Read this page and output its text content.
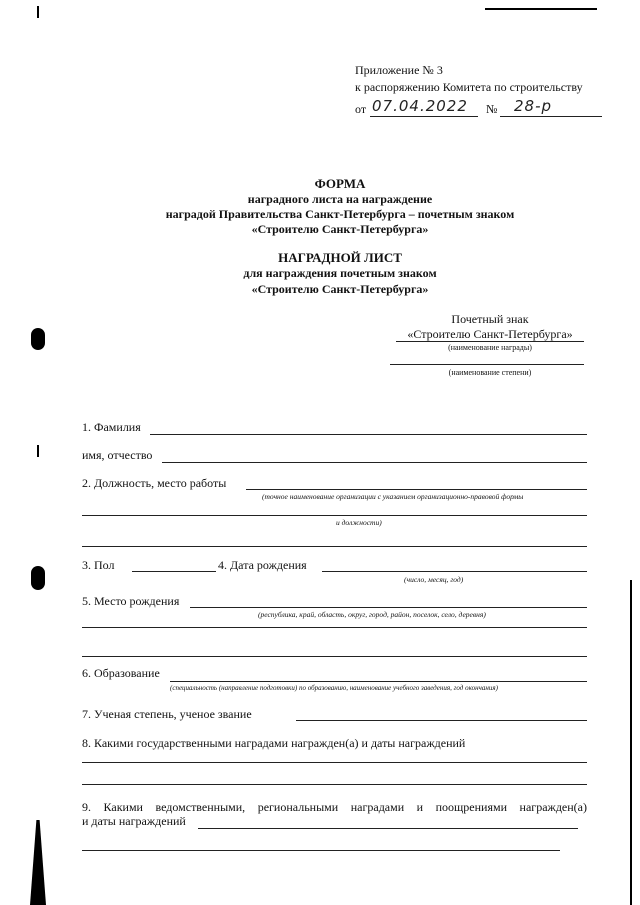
Приложение № 3
к распоряжению Комитета по строительству
от 07.04.2022 № 28-р
ФОРМА
наградного листа на награждение
наградой Правительства Санкт-Петербурга – почетным знаком
«Строителю Санкт-Петербурга»
НАГРАДНОЙ ЛИСТ
для награждения почетным знаком
«Строителю Санкт-Петербурга»
Почетный знак
«Строителю Санкт-Петербурга»
(наименование награды)
(наименование степени)
1. Фамилия
имя, отчество
2. Должность, место работы
(точное наименование организации с указанием организационно-правовой формы
и должности)
3. Пол	4. Дата рождения
(число, месяц, год)
5. Место рождения
(республика, край, область, округ, город, район, поселок, село, деревня)
6. Образование
(специальность (направление подготовки) по образованию, наименование учебного заведения, год окончания)
7. Ученая степень, ученое звание
8. Какими государственными наградами награжден(а) и даты награждений
9. Какими ведомственными, региональными наградами и поощрениями награжден(а)
и даты награждений
